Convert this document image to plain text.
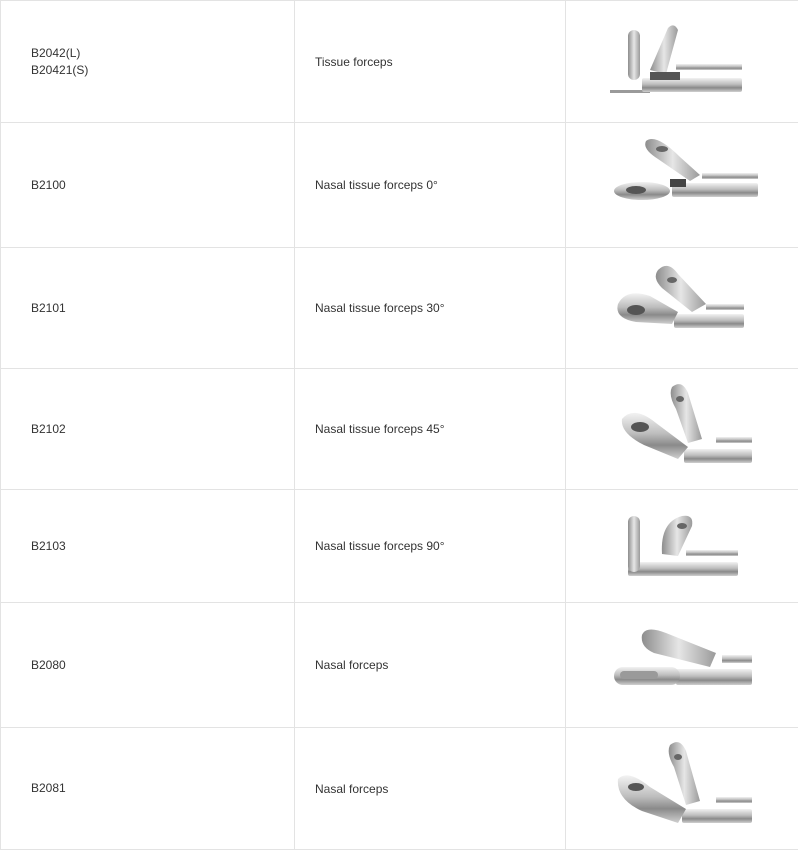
B2042(L)
B20421(S)	Tissue forceps	

B2100	Nasal tissue forceps 0°	

B2101	Nasal tissue forceps 30°	

B2102	Nasal tissue forceps 45°	

B2103	Nasal tissue forceps 90°	

B2080	Nasal forceps	

B2081	Nasal forceps	
